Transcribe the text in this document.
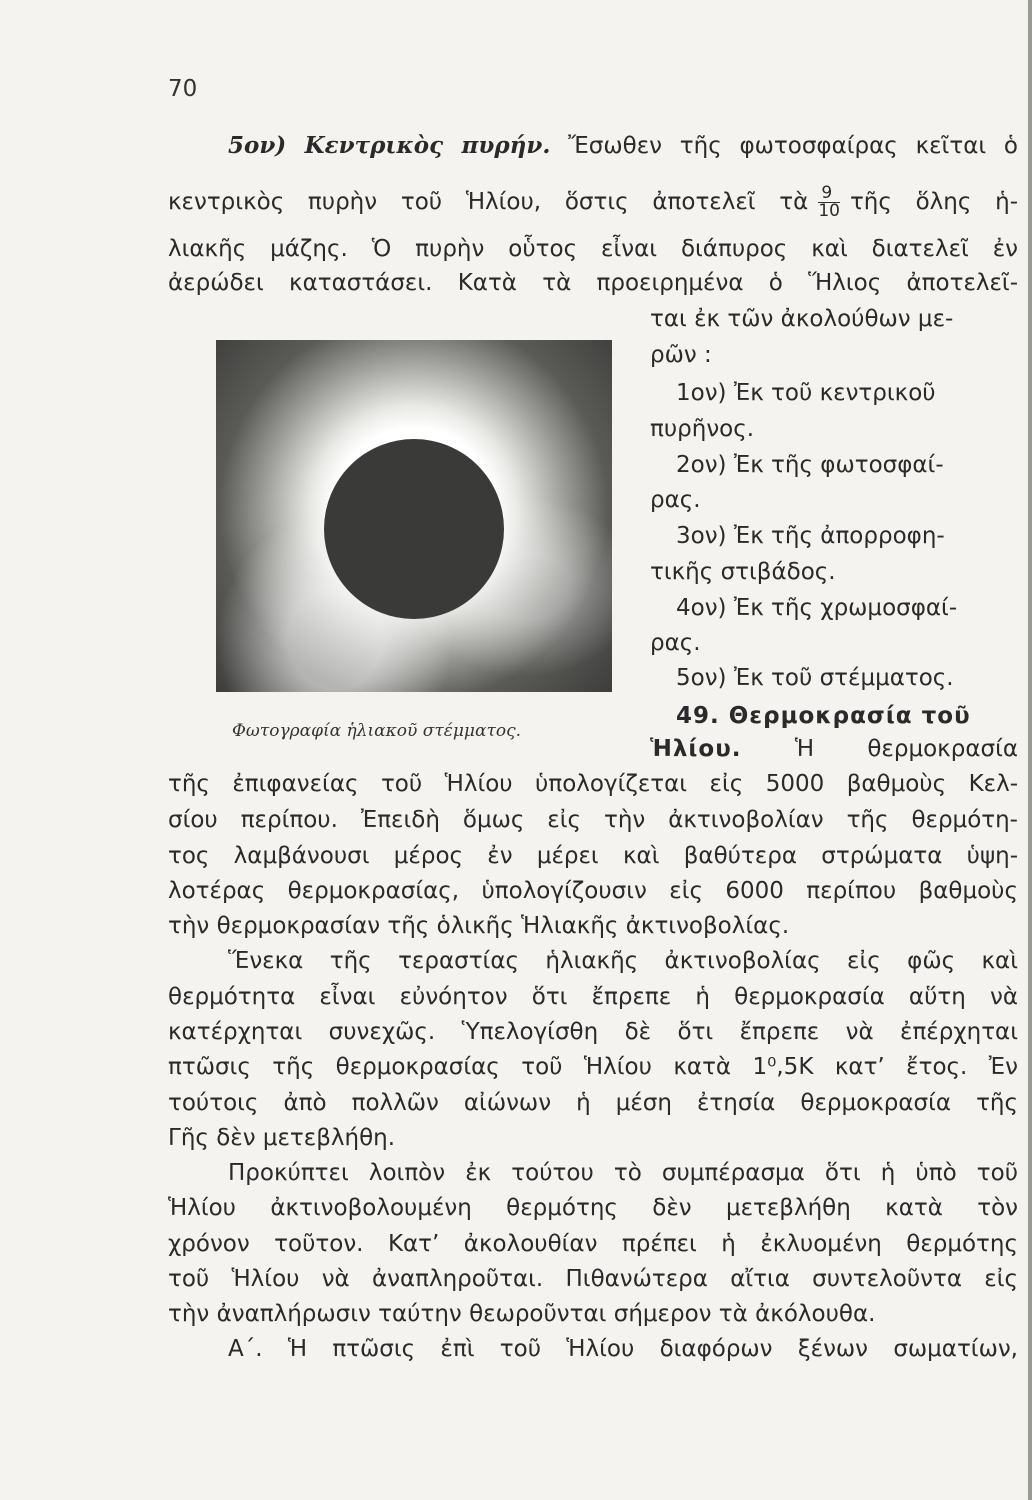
70
5ον) Κεντρικὸς πυρήν. Ἔσωθεν τῆς φωτοσφαίρας κεῖται ὁ
κεντρικὸς πυρὴν τοῦ Ἡλίου, ὅστις ἀποτελεῖ τὰ $\frac{9}{10}$ τῆς ὅλης ἡ-
λιακῆς μάζης. Ὁ πυρὴν οὗτος εἶναι διάπυρος καὶ διατελεῖ ἐν
ἀερώδει καταστάσει. Κατὰ τὰ προειρημένα ὁ Ἥλιος ἀποτελεῖ-
Φωτογραφία ἡλιακοῦ στέμματος.
ται ἐκ τῶν ἀκολούθων με-
ρῶν :
1ον) Ἐκ τοῦ κεντρικοῦ
πυρῆνος.
2ον) Ἐκ τῆς φωτοσφαί-
ρας.
3ον) Ἐκ τῆς ἀπορροφη-
τικῆς στιβάδος.
4ον) Ἐκ τῆς χρωμοσφαί-
ρας.
5ον) Ἐκ τοῦ στέμματος.
49. Θερμοκρασία τοῦ
Ἡλίου. Ἡ θερμοκρασία
τῆς ἐπιφανείας τοῦ Ἡλίου ὑπολογίζεται εἰς 5000 βαθμοὺς Κελ-
σίου περίπου. Ἐπειδὴ ὅμως εἰς τὴν ἀκτινοβολίαν τῆς θερμότη-
τος λαμβάνουσι μέρος ἐν μέρει καὶ βαθύτερα στρώματα ὑψη-
λοτέρας θερμοκρασίας, ὑπολογίζουσιν εἰς 6000 περίπου βαθμοὺς
τὴν θερμοκρασίαν τῆς ὁλικῆς Ἡλιακῆς ἀκτινοβολίας.
Ἕνεκα τῆς τεραστίας ἡλιακῆς ἀκτινοβολίας εἰς φῶς καὶ
θερμότητα εἶναι εὐνόητον ὅτι ἔπρεπε ἡ θερμοκρασία αὕτη νὰ
κατέρχηται συνεχῶς. Ὑπελογίσθη δὲ ὅτι ἔπρεπε νὰ ἐπέρχηται
πτῶσις τῆς θερμοκρασίας τοῦ Ἡλίου κατὰ 1⁰,5Κ κατ’ ἔτος. Ἐν
τούτοις ἀπὸ πολλῶν αἰώνων ἡ μέση ἐτησία θερμοκρασία τῆς
Γῆς δὲν μετεβλήθη.
Προκύπτει λοιπὸν ἐκ τούτου τὸ συμπέρασμα ὅτι ἡ ὑπὸ τοῦ
Ἡλίου ἀκτινοβολουμένη θερμότης δὲν μετεβλήθη κατὰ τὸν
χρόνον τοῦτον. Κατ’ ἀκολουθίαν πρέπει ἡ ἐκλυομένη θερμότης
τοῦ Ἡλίου νὰ ἀναπληροῦται. Πιθανώτερα αἴτια συντελοῦντα εἰς
τὴν ἀναπλήρωσιν ταύτην θεωροῦνται σήμερον τὰ ἀκόλουθα.
Α΄. Ἡ πτῶσις ἐπὶ τοῦ Ἡλίου διαφόρων ξένων σωματίων,
